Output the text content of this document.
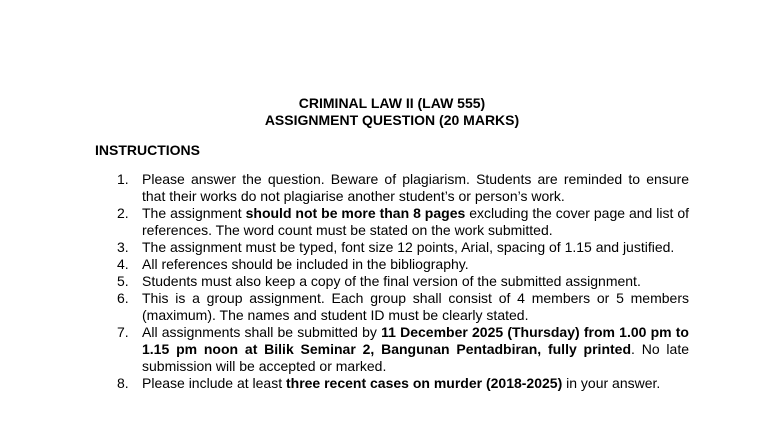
CRIMINAL LAW II (LAW 555)
ASSIGNMENT QUESTION (20 MARKS)
INSTRUCTIONS
1. Please answer the question. Beware of plagiarism. Students are reminded to ensure that their works do not plagiarise another student’s or person’s work.
2. The assignment should not be more than 8 pages excluding the cover page and list of references. The word count must be stated on the work submitted.
3. The assignment must be typed, font size 12 points, Arial, spacing of 1.15 and justified.
4. All references should be included in the bibliography.
5. Students must also keep a copy of the final version of the submitted assignment.
6. This is a group assignment. Each group shall consist of 4 members or 5 members (maximum). The names and student ID must be clearly stated.
7. All assignments shall be submitted by 11 December 2025 (Thursday) from 1.00 pm to 1.15 pm noon at Bilik Seminar 2, Bangunan Pentadbiran, fully printed. No late submission will be accepted or marked.
8. Please include at least three recent cases on murder (2018-2025) in your answer.
